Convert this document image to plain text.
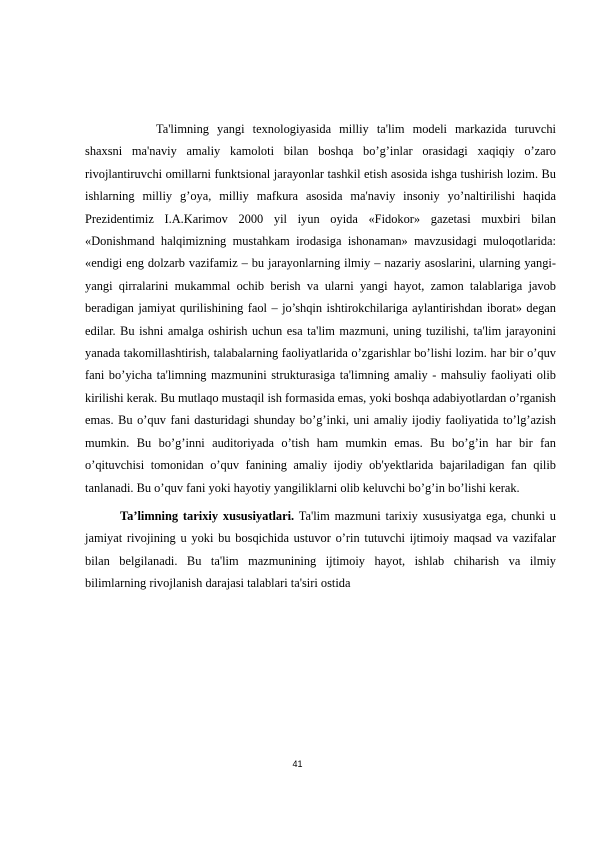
Ta'limning yangi texnologiyasida milliy ta'lim modeli markazida turuvchi shaxsni ma'naviy amaliy kamoloti bilan boshqa bo’g’inlar orasidagi xaqiqiy o’zaro rivojlantiruvchi omillarni funktsional jarayonlar tashkil etish asosida ishga tushirish lozim. Bu ishlarning milliy g’oya, milliy mafkura asosida ma'naviy insoniy yo’naltirilishi haqida Prezidentimiz I.A.Karimov 2000 yil iyun oyida «Fidokor» gazetasi muxbiri bilan «Donishmand halqimizning mustahkam irodasiga ishonaman» mavzusidagi muloqotlarida: «endigi eng dolzarb vazifamiz – bu jarayonlarning ilmiy – nazariy asoslarini, ularning yangi-yangi qirralarini mukammal ochib berish va ularni yangi hayot, zamon talablariga javob beradigan jamiyat qurilishining faol – jo’shqin ishtirokchilariga aylantirishdan iborat» degan edilar. Bu ishni amalga oshirish uchun esa ta'lim mazmuni, uning tuzilishi, ta'lim jarayonini yanada takomillashtirish, talabalarning faoliyatlarida o’zgarishlar bo’lishi lozim. har bir o’quv fani bo’yicha ta'limning mazmunini strukturasiga ta'limning amaliy - mahsuliy faoliyati olib kirilishi kerak. Bu mutlaqo mustaqil ish formasida emas, yoki boshqa adabiyotlardan o’rganish emas. Bu o’quv fani dasturidagi shunday bo’g’inki, uni amaliy ijodiy faoliyatida to’lg’azish mumkin. Bu bo’g’inni auditoriyada o’tish ham mumkin emas. Bu bo’g’in har bir fan o’qituvchisi tomonidan o’quv fanining amaliy ijodiy ob'yektlarida bajariladigan fan qilib tanlanadi. Bu o’quv fani yoki hayotiy yangiliklarni olib keluvchi bo’g’in bo’lishi kerak.

Ta’limning tarixiy xususiyatlari. Ta'lim mazmuni tarixiy xususiyatga ega, chunki u jamiyat rivojining u yoki bu bosqichida ustuvor o’rin tutuvchi ijtimoiy maqsad va vazifalar bilan belgilanadi. Bu ta'lim mazmunining ijtimoiy hayot, ishlab chiharish va ilmiy bilimlarning rivojlanish darajasi talablari ta'siri ostida

41
